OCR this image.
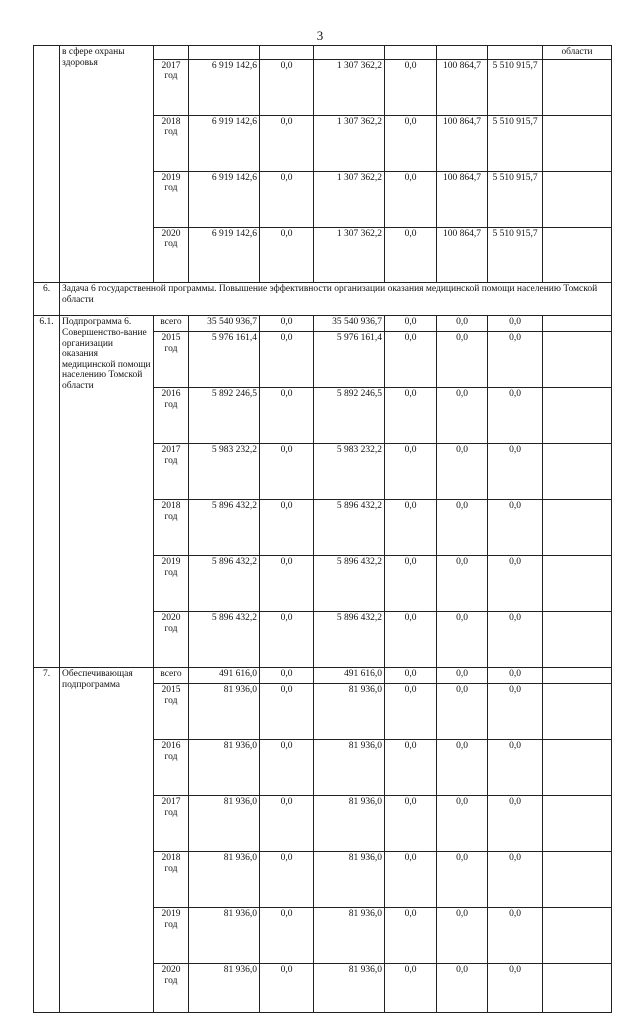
3
	в сфере охраны здоровья								области	
		2017 год	6 919 142,6	0,0	1 307 362,2	0,0	100 864,7	5 510 915,7		
		2018 год	6 919 142,6	0,0	1 307 362,2	0,0	100 864,7	5 510 915,7		
		2019 год	6 919 142,6	0,0	1 307 362,2	0,0	100 864,7	5 510 915,7		
		2020 год	6 919 142,6	0,0	1 307 362,2	0,0	100 864,7	5 510 915,7		
6.	Задача 6 государственной программы. Повышение эффективности организации оказания медицинской помощи населению Томской области									
6.1.	Подпрограмма 6. Совершенство-вание организации оказания медицинской помощи населению Томской области	всего	35 540 936,7	0,0	35 540 936,7	0,0	0,0	0,0		
		2015 год	5 976 161,4	0,0	5 976 161,4	0,0	0,0	0,0		
		2016 год	5 892 246,5	0,0	5 892 246,5	0,0	0,0	0,0		
		2017 год	5 983 232,2	0,0	5 983 232,2	0,0	0,0	0,0		
		2018 год	5 896 432,2	0,0	5 896 432,2	0,0	0,0	0,0		
		2019 год	5 896 432,2	0,0	5 896 432,2	0,0	0,0	0,0		
		2020 год	5 896 432,2	0,0	5 896 432,2	0,0	0,0	0,0		
7.	Обеспечивающая подпрограмма	всего	491 616,0	0,0	491 616,0	0,0	0,0	0,0		
		2015 год	81 936,0	0,0	81 936,0	0,0	0,0	0,0		
		2016 год	81 936,0	0,0	81 936,0	0,0	0,0	0,0		
		2017 год	81 936,0	0,0	81 936,0	0,0	0,0	0,0		
		2018 год	81 936,0	0,0	81 936,0	0,0	0,0	0,0		
		2019 год	81 936,0	0,0	81 936,0	0,0	0,0	0,0		
		2020 год	81 936,0	0,0	81 936,0	0,0	0,0	0,0		
